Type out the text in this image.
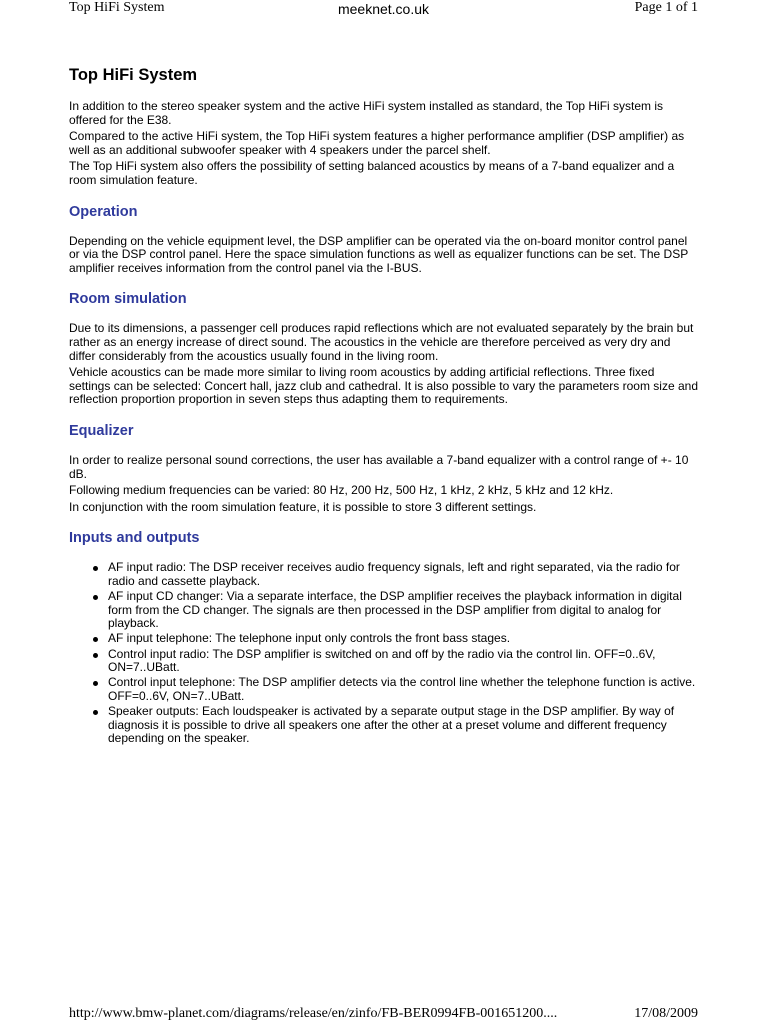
Top HiFi System	meeknet.co.uk	Page 1 of 1
Top HiFi System

In addition to the stereo speaker system and the active HiFi system installed as standard, the Top HiFi system is offered for the E38.

Compared to the active HiFi system, the Top HiFi system features a higher performance amplifier (DSP amplifier) as well as an additional subwoofer speaker with 4 speakers under the parcel shelf.

The Top HiFi system also offers the possibility of setting balanced acoustics by means of a 7-band equalizer and a room simulation feature.

Operation

Depending on the vehicle equipment level, the DSP amplifier can be operated via the on-board monitor control panel or via the DSP control panel. Here the space simulation functions as well as equalizer functions can be set. The DSP amplifier receives information from the control panel via the I-BUS.

Room simulation

Due to its dimensions, a passenger cell produces rapid reflections which are not evaluated separately by the brain but rather as an energy increase of direct sound. The acoustics in the vehicle are therefore perceived as very dry and differ considerably from the acoustics usually found in the living room.

Vehicle acoustics can be made more similar to living room acoustics by adding artificial reflections. Three fixed settings can be selected: Concert hall, jazz club and cathedral. It is also possible to vary the parameters room size and reflection proportion proportion in seven steps thus adapting them to requirements.

Equalizer

In order to realize personal sound corrections, the user has available a 7-band equalizer with a control range of +- 10 dB.

Following medium frequencies can be varied: 80 Hz, 200 Hz, 500 Hz, 1 kHz, 2 kHz, 5 kHz and 12 kHz.

In conjunction with the room simulation feature, it is possible to store 3 different settings.

Inputs and outputs
AF input radio: The DSP receiver receives audio frequency signals, left and right separated, via the radio for radio and cassette playback.
AF input CD changer: Via a separate interface, the DSP amplifier receives the playback information in digital form from the CD changer. The signals are then processed in the DSP amplifier from digital to analog for playback.
AF input telephone: The telephone input only controls the front bass stages.
Control input radio: The DSP amplifier is switched on and off by the radio via the control lin. OFF=0..6V, ON=7..UBatt.
Control input telephone: The DSP amplifier detects via the control line whether the telephone function is active. OFF=0..6V, ON=7..UBatt.
Speaker outputs: Each loudspeaker is activated by a separate output stage in the DSP amplifier. By way of diagnosis it is possible to drive all speakers one after the other at a preset volume and different frequency depending on the speaker.
http://www.bmw-planet.com/diagrams/release/en/zinfo/FB-BER0994FB-001651200....	17/08/2009
